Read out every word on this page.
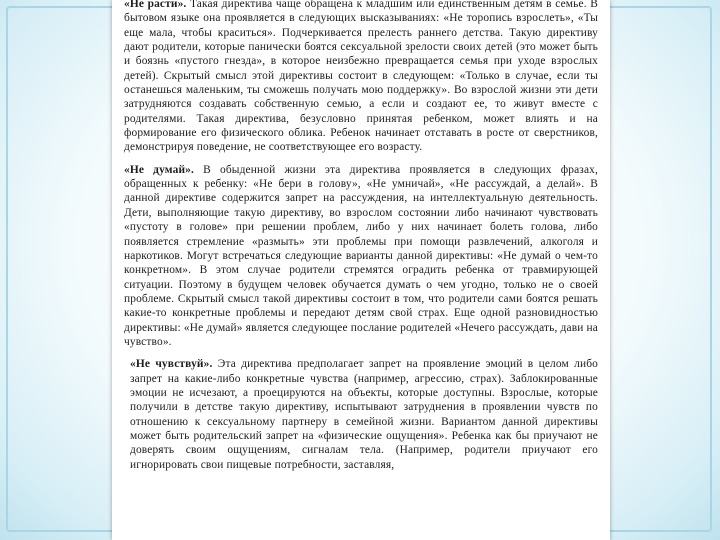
«Не расти». Такая директива чаще обращена к младшим или единственным детям в семье. В бытовом языке она проявляется в следующих высказываниях: «Не торопись взрослеть», «Ты еще мала, чтобы краситься». Подчеркивается прелесть раннего детства. Такую директиву дают родители, которые панически боятся сексуальной зрелости своих детей (это может быть и боязнь «пустого гнезда», в которое неизбежно превращается семья при уходе взрослых детей). Скрытый смысл этой директивы состоит в следующем: «Только в случае, если ты останешься маленьким, ты сможешь получать мою поддержку». Во взрослой жизни эти дети затрудняются создавать собственную семью, а если и создают ее, то живут вместе с родителями. Такая директива, безусловно принятая ребенком, может влиять и на формирование его физического облика. Ребенок начинает отставать в росте от сверстников, демонстрируя поведение, не соответствующее его возрасту.

«Не думай». В обыденной жизни эта директива проявляется в следующих фразах, обращенных к ребенку: «Не бери в голову», «Не умничай», «Не рассуждай, а делай». В данной директиве содержится запрет на рассуждения, на интеллектуальную деятельность. Дети, выполняющие такую директиву, во взрослом состоянии либо начинают чувствовать «пустоту в голове» при решении проблем, либо у них начинает болеть голова, либо появляется стремление «размыть» эти проблемы при помощи развлечений, алкоголя и наркотиков. Могут встречаться следующие варианты данной директивы: «Не думай о чем-то конкретном». В этом случае родители стремятся оградить ребенка от травмирующей ситуации. Поэтому в будущем человек обучается думать о чем угодно, только не о своей проблеме. Скрытый смысл такой директивы состоит в том, что родители сами боятся решать какие-то конкретные проблемы и передают детям свой страх. Еще одной разновидностью директивы: «Не думай» является следующее послание родителей «Нечего рассуждать, дави на чувство».

«Не чувствуй». Эта директива предполагает запрет на проявление эмоций в целом либо запрет на какие-либо конкретные чувства (например, агрессию, страх). Заблокированные эмоции не исчезают, а проецируются на объекты, которые доступны. Взрослые, которые получили в детстве такую директиву, испытывают затруднения в проявлении чувств по отношению к сексуальному партнеру в семейной жизни. Вариантом данной директивы может быть родительский запрет на «физические ощущения». Ребенка как бы приучают не доверять своим ощущениям, сигналам тела. (Например, родители приучают его игнорировать свои пищевые потребности, заставляя,
